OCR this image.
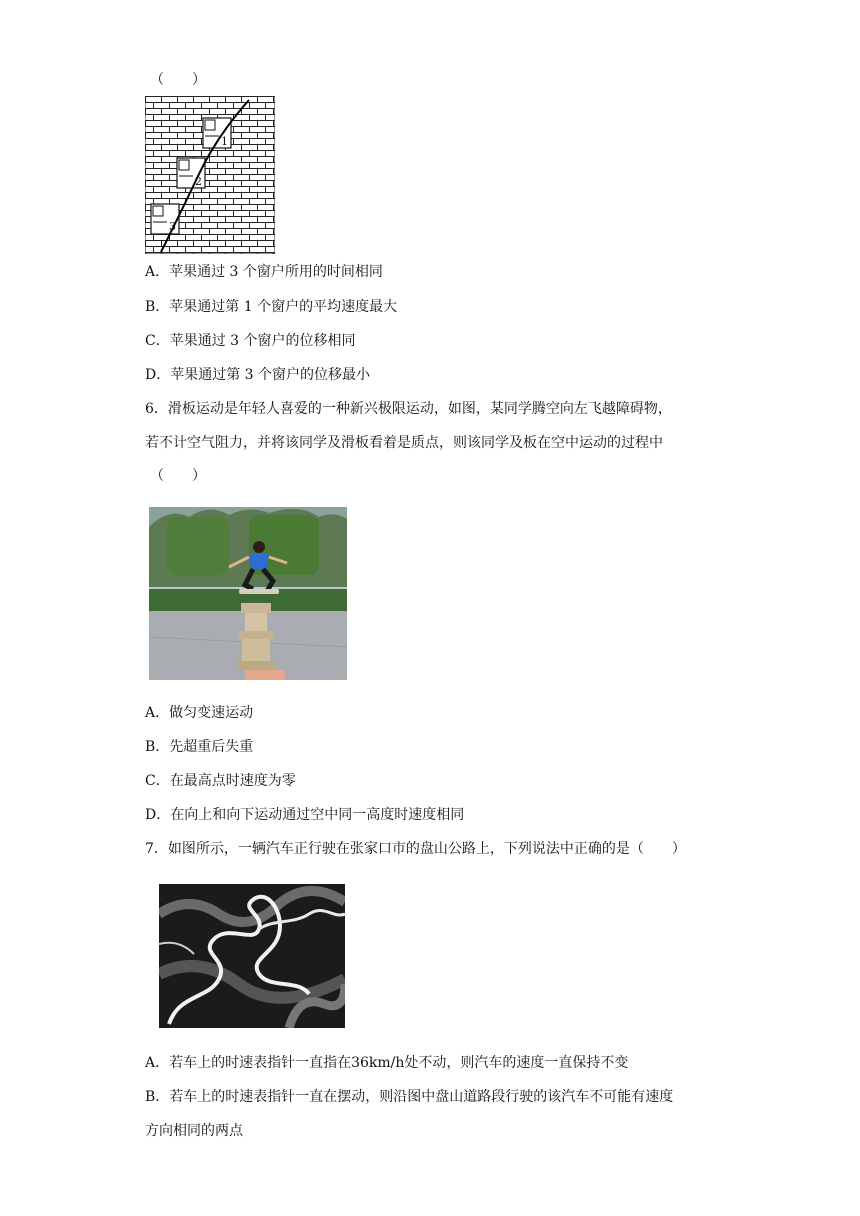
（　　）
1
2
3
A．苹果通过 3 个窗户所用的时间相同
B．苹果通过第 1 个窗户的平均速度最大
C．苹果通过 3 个窗户的位移相同
D．苹果通过第 3 个窗户的位移最小
6．滑板运动是年轻人喜爱的一种新兴极限运动，如图，某同学腾空向左飞越障碍物，
若不计空气阻力，并将该同学及滑板看着是质点，则该同学及板在空中运动的过程中
（　　）
A．做匀变速运动
B．先超重后失重
C．在最高点时速度为零
D．在向上和向下运动通过空中同一高度时速度相同
7．如图所示，一辆汽车正行驶在张家口市的盘山公路上，下列说法中正确的是（　　）
A．若车上的时速表指针一直指在36km/h处不动，则汽车的速度一直保持不变
B．若车上的时速表指针一直在摆动，则沿图中盘山道路段行驶的该汽车不可能有速度
方向相同的两点
